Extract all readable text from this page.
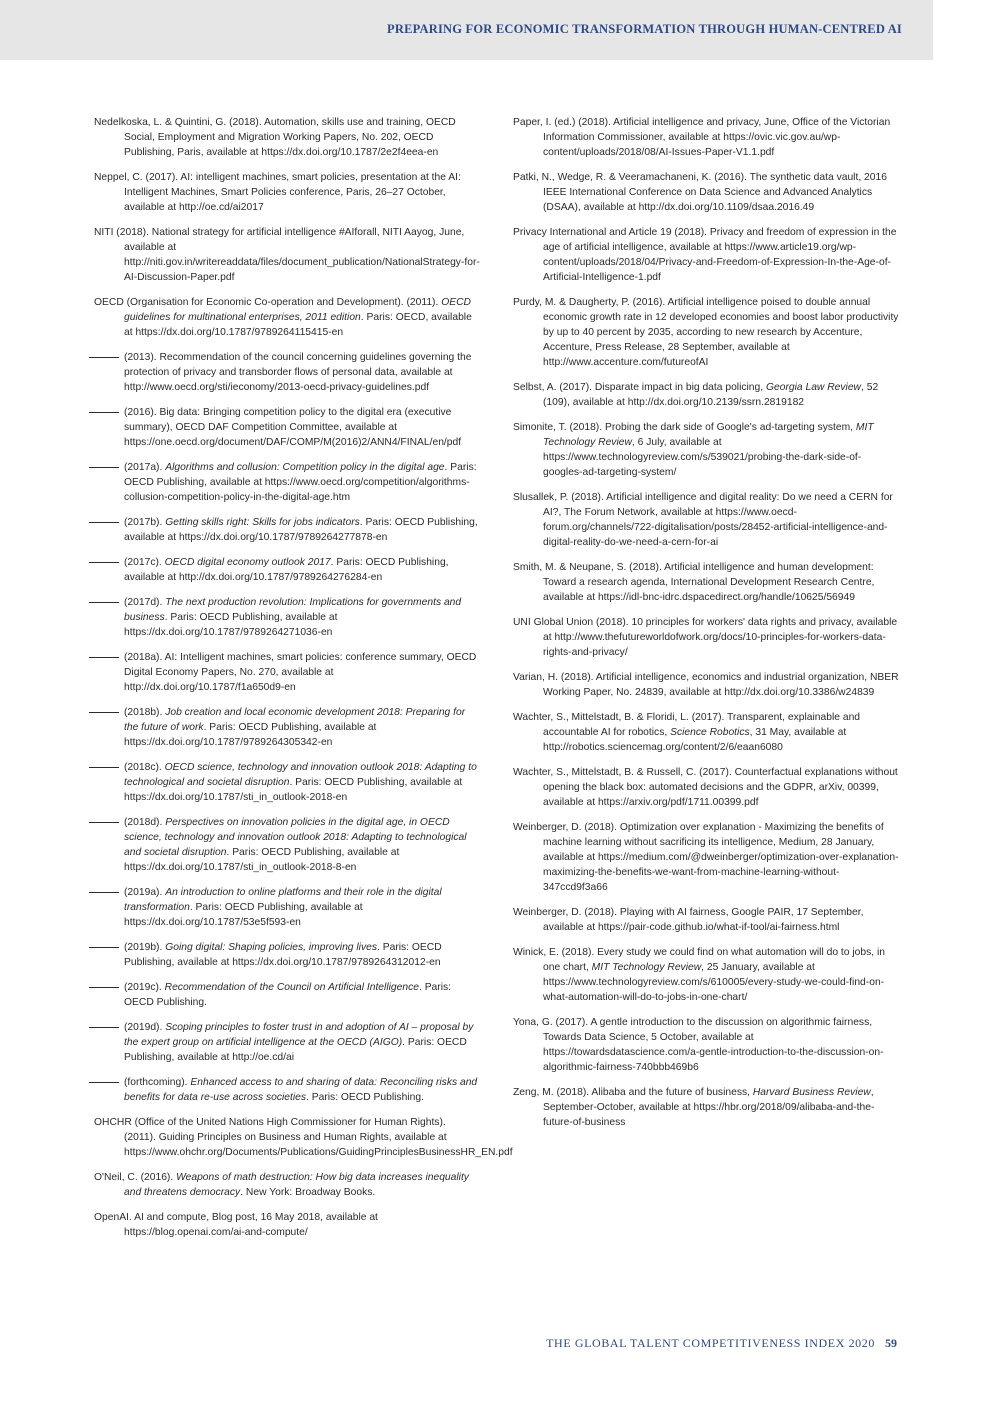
PREPARING FOR ECONOMIC TRANSFORMATION THROUGH HUMAN-CENTRED AI
Nedelkoska, L. & Quintini, G. (2018). Automation, skills use and training, OECD Social, Employment and Migration Working Papers, No. 202, OECD Publishing, Paris, available at https://dx.doi.org/10.1787/2e2f4eea-en
Neppel, C. (2017). AI: intelligent machines, smart policies, presentation at the AI: Intelligent Machines, Smart Policies conference, Paris, 26–27 October, available at http://oe.cd/ai2017
NITI (2018). National strategy for artificial intelligence #AIforall, NITI Aayog, June, available at http://niti.gov.in/writereaddata/files/document_publication/NationalStrategy-for-AI-Discussion-Paper.pdf
OECD (Organisation for Economic Co-operation and Development). (2011). OECD guidelines for multinational enterprises, 2011 edition. Paris: OECD, available at https://dx.doi.org/10.1787/9789264115415-en
(2013). Recommendation of the council concerning guidelines governing the protection of privacy and transborder flows of personal data, available at http://www.oecd.org/sti/ieconomy/2013-oecd-privacy-guidelines.pdf
(2016). Big data: Bringing competition policy to the digital era (executive summary), OECD DAF Competition Committee, available at https://one.oecd.org/document/DAF/COMP/M(2016)2/ANN4/FINAL/en/pdf
(2017a). Algorithms and collusion: Competition policy in the digital age. Paris: OECD Publishing, available at https://www.oecd.org/competition/algorithms-collusion-competition-policy-in-the-digital-age.htm
(2017b). Getting skills right: Skills for jobs indicators. Paris: OECD Publishing, available at https://dx.doi.org/10.1787/9789264277878-en
(2017c). OECD digital economy outlook 2017. Paris: OECD Publishing, available at http://dx.doi.org/10.1787/9789264276284-en
(2017d). The next production revolution: Implications for governments and business. Paris: OECD Publishing, available at https://dx.doi.org/10.1787/9789264271036-en
(2018a). AI: Intelligent machines, smart policies: conference summary, OECD Digital Economy Papers, No. 270, available at http://dx.doi.org/10.1787/f1a650d9-en
(2018b). Job creation and local economic development 2018: Preparing for the future of work. Paris: OECD Publishing, available at https://dx.doi.org/10.1787/9789264305342-en
(2018c). OECD science, technology and innovation outlook 2018: Adapting to technological and societal disruption. Paris: OECD Publishing, available at https://dx.doi.org/10.1787/sti_in_outlook-2018-en
(2018d). Perspectives on innovation policies in the digital age, in OECD science, technology and innovation outlook 2018: Adapting to technological and societal disruption. Paris: OECD Publishing, available at https://dx.doi.org/10.1787/sti_in_outlook-2018-8-en
(2019a). An introduction to online platforms and their role in the digital transformation. Paris: OECD Publishing, available at https://dx.doi.org/10.1787/53e5f593-en
(2019b). Going digital: Shaping policies, improving lives. Paris: OECD Publishing, available at https://dx.doi.org/10.1787/9789264312012-en
(2019c). Recommendation of the Council on Artificial Intelligence. Paris: OECD Publishing.
(2019d). Scoping principles to foster trust in and adoption of AI – proposal by the expert group on artificial intelligence at the OECD (AIGO). Paris: OECD Publishing, available at http://oe.cd/ai
(forthcoming). Enhanced access to and sharing of data: Reconciling risks and benefits for data re-use across societies. Paris: OECD Publishing.
OHCHR (Office of the United Nations High Commissioner for Human Rights). (2011). Guiding Principles on Business and Human Rights, available at https://www.ohchr.org/Documents/Publications/GuidingPrinciplesBusinessHR_EN.pdf
O'Neil, C. (2016). Weapons of math destruction: How big data increases inequality and threatens democracy. New York: Broadway Books.
OpenAI. AI and compute, Blog post, 16 May 2018, available at https://blog.openai.com/ai-and-compute/
Paper, I. (ed.) (2018). Artificial intelligence and privacy, June, Office of the Victorian Information Commissioner, available at https://ovic.vic.gov.au/wp-content/uploads/2018/08/AI-Issues-Paper-V1.1.pdf
Patki, N., Wedge, R. & Veeramachaneni, K. (2016). The synthetic data vault, 2016 IEEE International Conference on Data Science and Advanced Analytics (DSAA), available at http://dx.doi.org/10.1109/dsaa.2016.49
Privacy International and Article 19 (2018). Privacy and freedom of expression in the age of artificial intelligence, available at https://www.article19.org/wp-content/uploads/2018/04/Privacy-and-Freedom-of-Expression-In-the-Age-of-Artificial-Intelligence-1.pdf
Purdy, M. & Daugherty, P. (2016). Artificial intelligence poised to double annual economic growth rate in 12 developed economies and boost labor productivity by up to 40 percent by 2035, according to new research by Accenture, Accenture, Press Release, 28 September, available at http://www.accenture.com/futureofAI
Selbst, A. (2017). Disparate impact in big data policing, Georgia Law Review, 52 (109), available at http://dx.doi.org/10.2139/ssrn.2819182
Simonite, T. (2018). Probing the dark side of Google's ad-targeting system, MIT Technology Review, 6 July, available at https://www.technologyreview.com/s/539021/probing-the-dark-side-of-googles-ad-targeting-system/
Slusallek, P. (2018). Artificial intelligence and digital reality: Do we need a CERN for AI?, The Forum Network, available at https://www.oecd-forum.org/channels/722-digitalisation/posts/28452-artificial-intelligence-and-digital-reality-do-we-need-a-cern-for-ai
Smith, M. & Neupane, S. (2018). Artificial intelligence and human development: Toward a research agenda, International Development Research Centre, available at https://idl-bnc-idrc.dspacedirect.org/handle/10625/56949
UNI Global Union (2018). 10 principles for workers' data rights and privacy, available at http://www.thefutureworldofwork.org/docs/10-principles-for-workers-data-rights-and-privacy/
Varian, H. (2018). Artificial intelligence, economics and industrial organization, NBER Working Paper, No. 24839, available at http://dx.doi.org/10.3386/w24839
Wachter, S., Mittelstadt, B. & Floridi, L. (2017). Transparent, explainable and accountable AI for robotics, Science Robotics, 31 May, available at http://robotics.sciencemag.org/content/2/6/eaan6080
Wachter, S., Mittelstadt, B. & Russell, C. (2017). Counterfactual explanations without opening the black box: automated decisions and the GDPR, arXiv, 00399, available at https://arxiv.org/pdf/1711.00399.pdf
Weinberger, D. (2018). Optimization over explanation - Maximizing the benefits of machine learning without sacrificing its intelligence, Medium, 28 January, available at https://medium.com/@dweinberger/optimization-over-explanation-maximizing-the-benefits-we-want-from-machine-learning-without-347ccd9f3a66
Weinberger, D. (2018). Playing with AI fairness, Google PAIR, 17 September, available at https://pair-code.github.io/what-if-tool/ai-fairness.html
Winick, E. (2018). Every study we could find on what automation will do to jobs, in one chart, MIT Technology Review, 25 January, available at https://www.technologyreview.com/s/610005/every-study-we-could-find-on-what-automation-will-do-to-jobs-in-one-chart/
Yona, G. (2017). A gentle introduction to the discussion on algorithmic fairness, Towards Data Science, 5 October, available at https://towardsdatascience.com/a-gentle-introduction-to-the-discussion-on-algorithmic-fairness-740bbb469b6
Zeng, M. (2018). Alibaba and the future of business, Harvard Business Review, September-October, available at https://hbr.org/2018/09/alibaba-and-the-future-of-business
THE GLOBAL TALENT COMPETITIVENESS INDEX 2020 59
